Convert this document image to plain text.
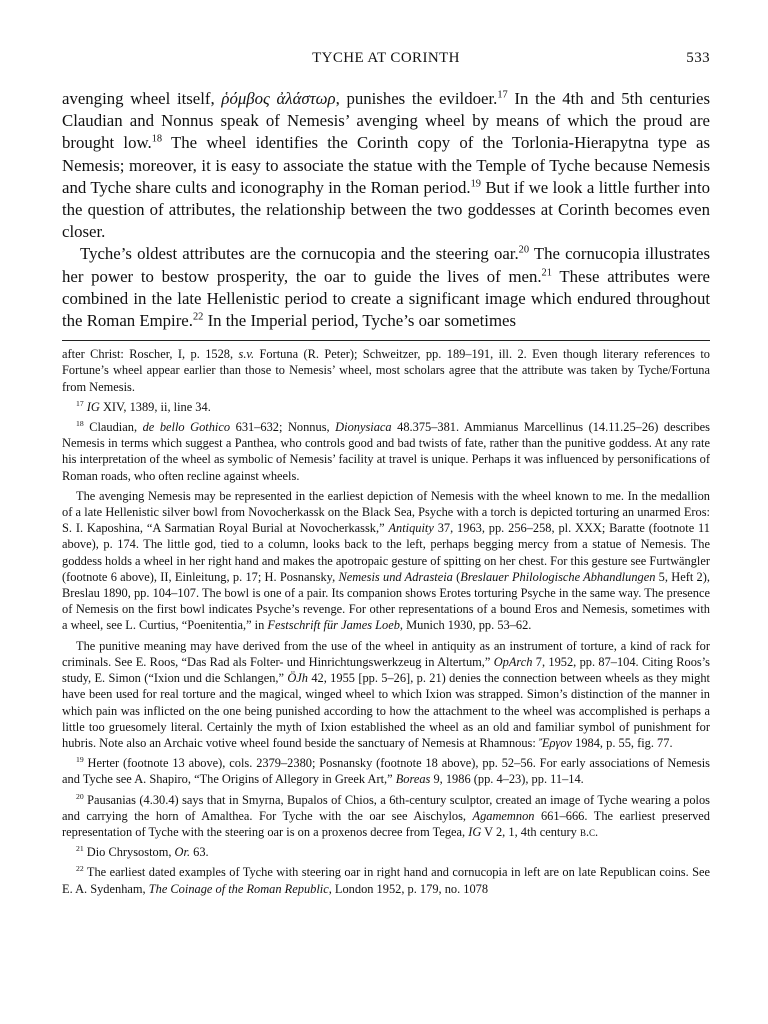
TYCHE AT CORINTH	533

avenging wheel itself, ῥόμβος ἀλάστωρ, punishes the evildoer.$^{17}$ In the 4th and 5th centuries Claudian and Nonnus speak of Nemesis’ avenging wheel by means of which the proud are brought low.$^{18}$ The wheel identifies the Corinth copy of the Torlonia-Hierapytna type as Nemesis; moreover, it is easy to associate the statue with the Temple of Tyche because Nemesis and Tyche share cults and iconography in the Roman period.$^{19}$ But if we look a little further into the question of attributes, the relationship between the two goddesses at Corinth becomes even closer.

Tyche’s oldest attributes are the cornucopia and the steering oar.$^{20}$ The cornucopia illustrates her power to bestow prosperity, the oar to guide the lives of men.$^{21}$ These attributes were combined in the late Hellenistic period to create a significant image which endured throughout the Roman Empire.$^{22}$ In the Imperial period, Tyche’s oar sometimes

after Christ: Roscher, I, p. 1528, s.v. Fortuna (R. Peter); Schweitzer, pp. 189–191, ill. 2. Even though literary references to Fortune’s wheel appear earlier than those to Nemesis’ wheel, most scholars agree that the attribute was taken by Tyche/Fortuna from Nemesis.

$^{17}$ IG XIV, 1389, ii, line 34.

$^{18}$ Claudian, de bello Gothico 631–632; Nonnus, Dionysiaca 48.375–381. Ammianus Marcellinus (14.11.25–26) describes Nemesis in terms which suggest a Panthea, who controls good and bad twists of fate, rather than the punitive goddess. At any rate his interpretation of the wheel as symbolic of Nemesis’ facility at travel is unique. Perhaps it was influenced by personifications of Roman roads, who often recline against wheels.

The avenging Nemesis may be represented in the earliest depiction of Nemesis with the wheel known to me. In the medallion of a late Hellenistic silver bowl from Novocherkassk on the Black Sea, Psyche with a torch is depicted torturing an unarmed Eros: S. I. Kaposhina, “A Sarmatian Royal Burial at Novocherkassk,” Antiquity 37, 1963, pp. 256–258, pl. XXX; Baratte (footnote 11 above), p. 174. The little god, tied to a column, looks back to the left, perhaps begging mercy from a statue of Nemesis. The goddess holds a wheel in her right hand and makes the apotropaic gesture of spitting on her chest. For this gesture see Furtwängler (footnote 6 above), II, Einleitung, p. 17; H. Posnansky, Nemesis und Adrasteia (Breslauer Philologische Abhandlungen 5, Heft 2), Breslau 1890, pp. 104–107. The bowl is one of a pair. Its companion shows Erotes torturing Psyche in the same way. The presence of Nemesis on the first bowl indicates Psyche’s revenge. For other representations of a bound Eros and Nemesis, sometimes with a wheel, see L. Curtius, “Poenitentia,” in Festschrift für James Loeb, Munich 1930, pp. 53–62.

The punitive meaning may have derived from the use of the wheel in antiquity as an instrument of torture, a kind of rack for criminals. See E. Roos, “Das Rad als Folter- und Hinrichtungswerkzeug in Altertum,” OpArch 7, 1952, pp. 87–104. Citing Roos’s study, E. Simon (“Ixion und die Schlangen,” ÖJh 42, 1955 [pp. 5–26], p. 21) denies the connection between wheels as they might have been used for real torture and the magical, winged wheel to which Ixion was strapped. Simon’s distinction of the manner in which pain was inflicted on the one being punished according to how the attachment to the wheel was accomplished is perhaps a little too gruesomely literal. Certainly the myth of Ixion established the wheel as an old and familiar symbol of punishment for hubris. Note also an Archaic votive wheel found beside the sanctuary of Nemesis at Rhamnous: Ἔργον 1984, p. 55, fig. 77.

$^{19}$ Herter (footnote 13 above), cols. 2379–2380; Posnansky (footnote 18 above), pp. 52–56. For early associations of Nemesis and Tyche see A. Shapiro, “The Origins of Allegory in Greek Art,” Boreas 9, 1986 (pp. 4–23), pp. 11–14.

$^{20}$ Pausanias (4.30.4) says that in Smyrna, Bupalos of Chios, a 6th-century sculptor, created an image of Tyche wearing a polos and carrying the horn of Amalthea. For Tyche with the oar see Aischylos, Agamemnon 661–666. The earliest preserved representation of Tyche with the steering oar is on a proxenos decree from Tegea, IG V 2, 1, 4th century b.c.

$^{21}$ Dio Chrysostom, Or. 63.

$^{22}$ The earliest dated examples of Tyche with steering oar in right hand and cornucopia in left are on late Republican coins. See E. A. Sydenham, The Coinage of the Roman Republic, London 1952, p. 179, no. 1078
